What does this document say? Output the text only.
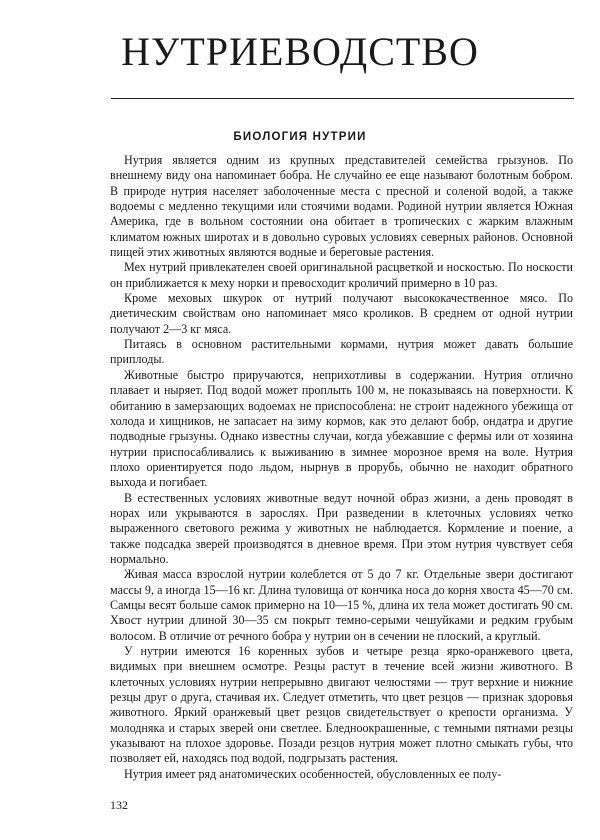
НУТРИЕВОДСТВО
БИОЛОГИЯ НУТРИИ

Нутрия является одним из крупных представителей семейства грызунов. По внешнему виду она напоминает бобра. Не случайно ее еще называют болотным бобром. В природе нутрия населяет заболоченные места с пресной и соленой водой, а также водоемы с медленно текущими или стоячими водами. Родиной нутрии является Южная Америка, где в вольном состоянии она обитает в тропических с жарким влажным климатом южных широтах и в довольно суровых условиях северных районов. Основной пищей этих животных являются водные и береговые растения.

Мех нутрий привлекателен своей оригинальной расцветкой и носкостью. По носкости он приближается к меху норки и превосходит кроличий примерно в 10 раз.

Кроме меховых шкурок от нутрий получают высококачественное мясо. По диетическим свойствам оно напоминает мясо кроликов. В среднем от одной нутрии получают 2—3 кг мяса.

Питаясь в основном растительными кормами, нутрия может давать большие приплоды.

Животные быстро приручаются, неприхотливы в содержании. Нутрия отлично плавает и ныряет. Под водой может проплыть 100 м, не показываясь на поверхности. К обитанию в замерзающих водоемах не приспособлена: не строит надежного убежища от холода и хищников, не запасает на зиму кормов, как это делают бобр, ондатра и другие подводные грызуны. Однако известны случаи, когда убежавшие с фермы или от хозяина нутрии приспосабливались к выживанию в зимнее морозное время на воле. Нутрия плохо ориентируется подо льдом, нырнув в прорубь, обычно не находит обратного выхода и погибает.

В естественных условиях животные ведут ночной образ жизни, а день проводят в норах или укрываются в зарослях. При разведении в клеточных условиях четко выраженного светового режима у животных не наблюдается. Кормление и поение, а также подсадка зверей производятся в дневное время. При этом нутрия чувствует себя нормально.

Живая масса взрослой нутрии колеблется от 5 до 7 кг. Отдельные звери достигают массы 9, а иногда 15—16 кг. Длина туловища от кончика носа до корня хвоста 45—70 см. Самцы весят больше самок примерно на 10—15 %, длина их тела может достигать 90 см. Хвост нутрии длиной 30—35 см покрыт темно-серыми чешуйками и редким грубым волосом. В отличие от речного бобра у нутрии он в сечении не плоский, а круглый.

У нутрии имеются 16 коренных зубов и четыре резца ярко-оранжевого цвета, видимых при внешнем осмотре. Резцы растут в течение всей жизни животного. В клеточных условиях нутрии непрерывно двигают челюстями — трут верхние и нижние резцы друг о друга, стачивая их. Следует отметить, что цвет резцов — признак здоровья животного. Яркий оранжевый цвет резцов свидетельствует о крепости организма. У молодняка и старых зверей они светлее. Бледноокрашенные, с темными пятнами резцы указывают на плохое здоровье. Позади резцов нутрия может плотно смыкать губы, что позволяет ей, находясь под водой, подгрызать растения.

Нутрия имеет ряд анатомических особенностей, обусловленных ее полу-

132
